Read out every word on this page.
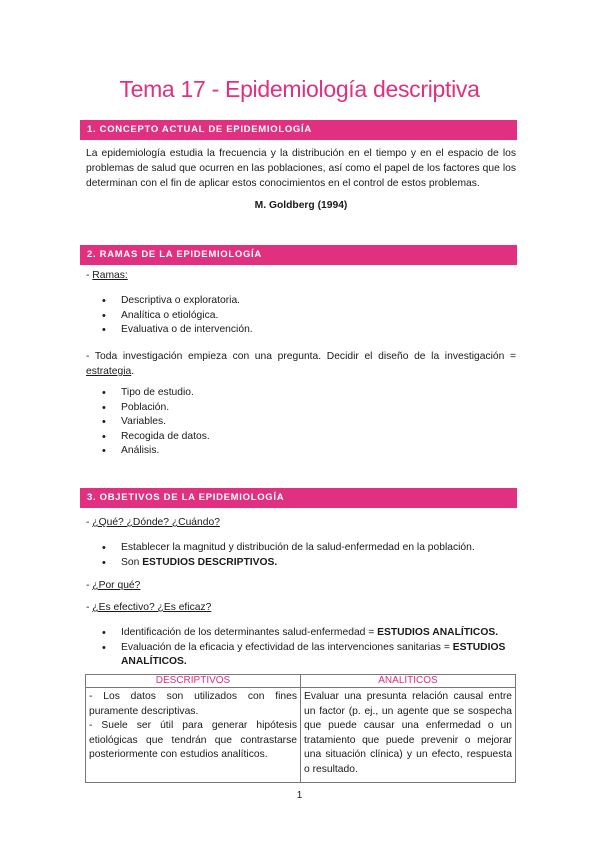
Tema 17 - Epidemiología descriptiva
1. CONCEPTO ACTUAL DE EPIDEMIOLOGÍA
La epidemiología estudia la frecuencia y la distribución en el tiempo y en el espacio de los problemas de salud que ocurren en las poblaciones, así como el papel de los factores que los determinan con el fin de aplicar estos conocimientos en el control de estos problemas.
M. Goldberg (1994)
2. RAMAS DE LA EPIDEMIOLOGÍA
- Ramas:
• Descriptiva o exploratoria.
• Analítica o etiológica.
• Evaluativa o de intervención.
- Toda investigación empieza con una pregunta. Decidir el diseño de la investigación = estrategia.
• Tipo de estudio.
• Población.
• Variables.
• Recogida de datos.
• Análisis.
3. OBJETIVOS DE LA EPIDEMIOLOGÍA
- ¿Qué? ¿Dónde? ¿Cuándo?
• Establecer la magnitud y distribución de la salud-enfermedad en la población.
• Son ESTUDIOS DESCRIPTIVOS.
- ¿Por qué?
- ¿Es efectivo? ¿Es eficaz?
• Identificación de los determinantes salud-enfermedad = ESTUDIOS ANALÍTICOS.
• Evaluación de la eficacia y efectividad de las intervenciones sanitarias = ESTUDIOS ANALÍTICOS.
DESCRIPTIVOS	ANALÍTICOS

- Los datos son utilizados con fines puramente descriptivas.
- Suele ser útil para generar hipótesis etiológicas que tendrán que contrastarse posteriormente con estudios analíticos.	Evaluar una presunta relación causal entre un factor (p. ej., un agente que se sospecha que puede causar una enfermedad o un tratamiento que puede prevenir o mejorar una situación clínica) y un efecto, respuesta o resultado.
1
